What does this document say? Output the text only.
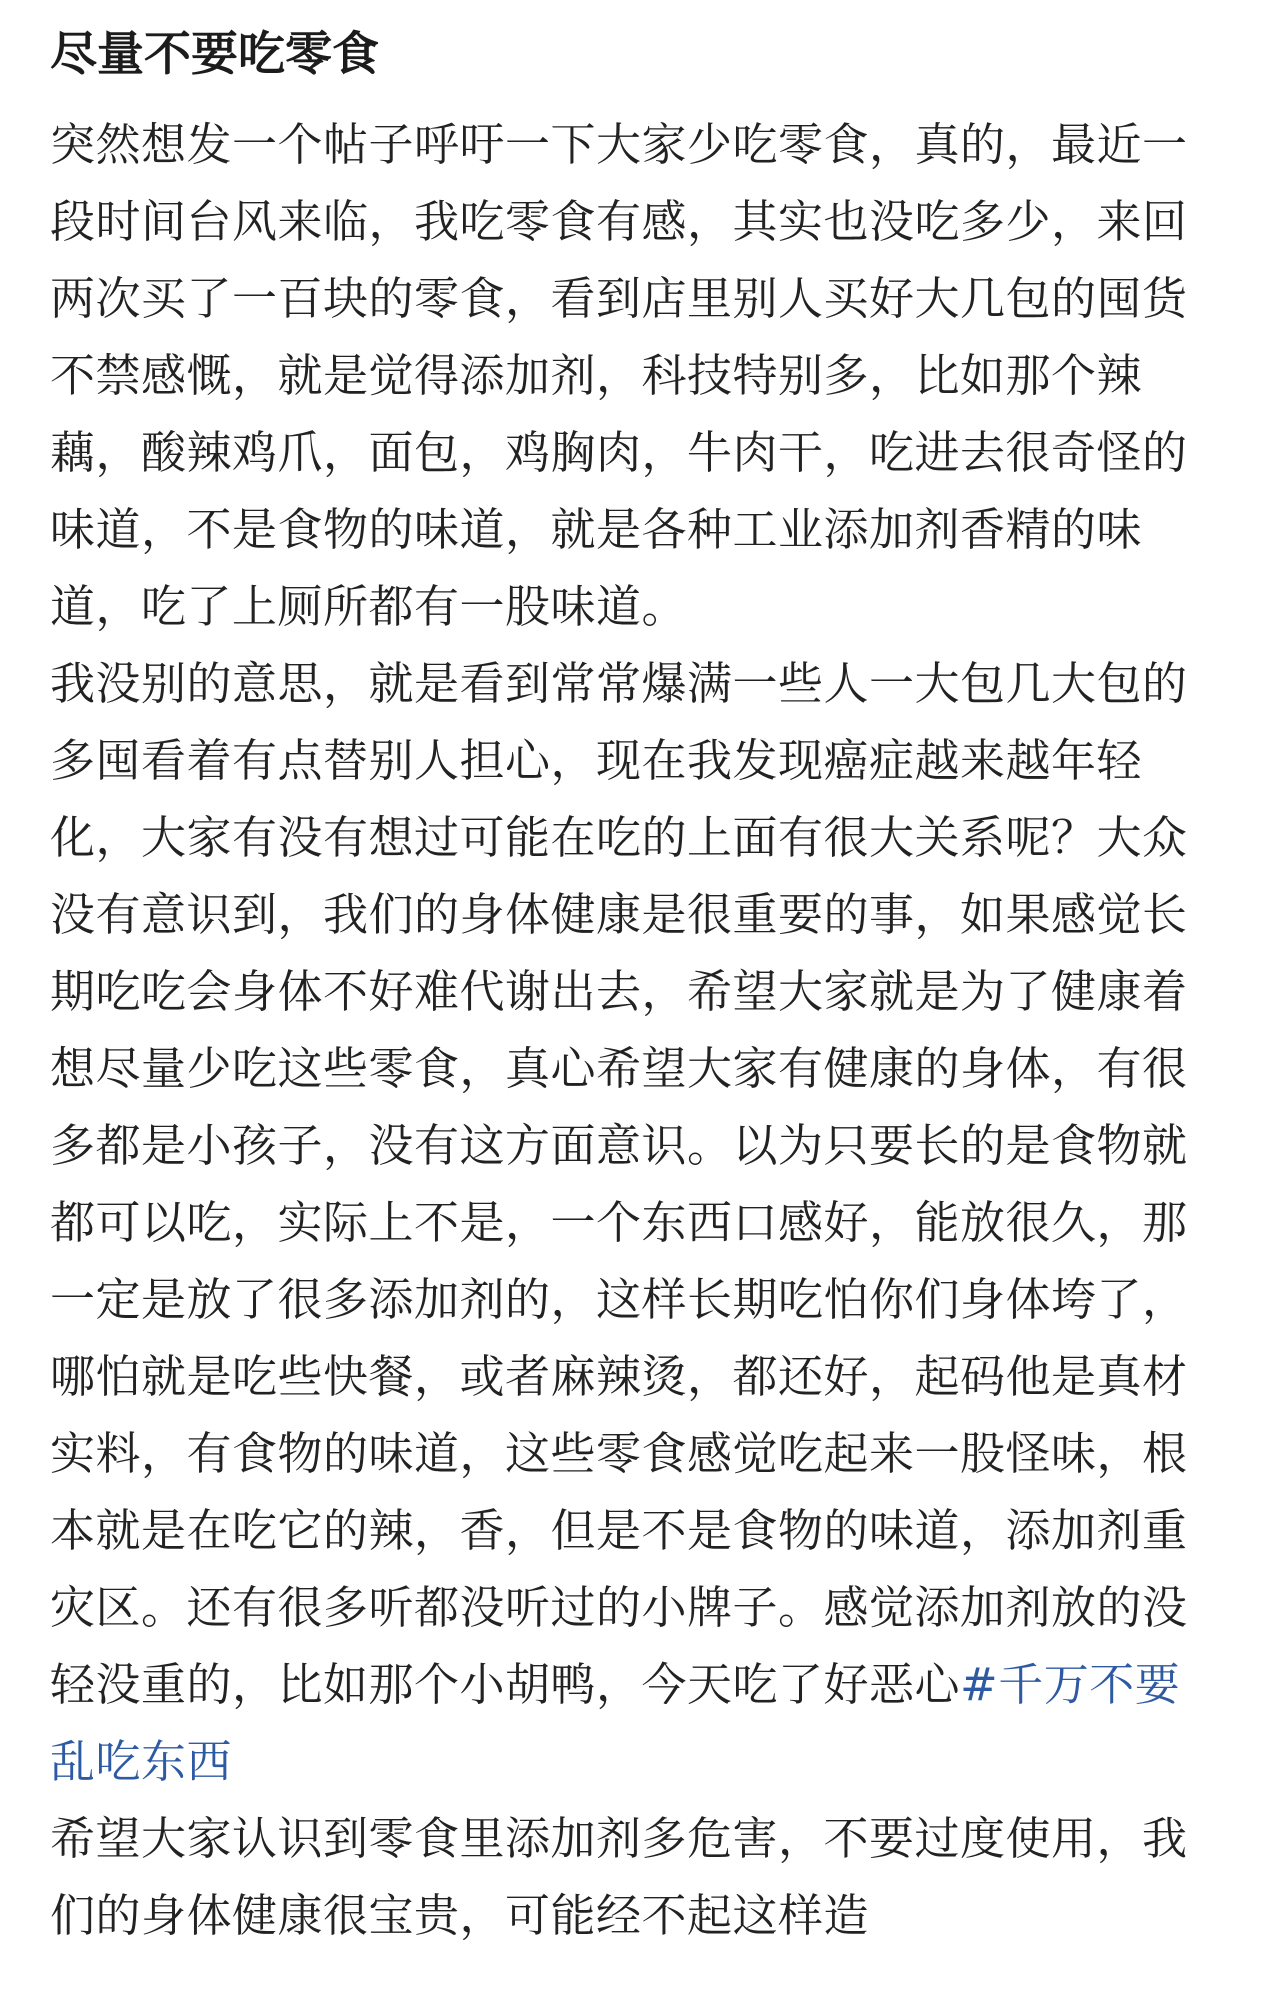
尽量不要吃零食

突然想发一个帖子呼吁一下大家少吃零食，真的，最近一
段时间台风来临，我吃零食有感，其实也没吃多少，来回
两次买了一百块的零食，看到店里别人买好大几包的囤货
不禁感慨，就是觉得添加剂，科技特别多，比如那个辣
藕，酸辣鸡爪，面包，鸡胸肉，牛肉干，吃进去很奇怪的
味道，不是食物的味道，就是各种工业添加剂香精的味
道，吃了上厕所都有一股味道。

我没别的意思，就是看到常常爆满一些人一大包几大包的
多囤看着有点替别人担心，现在我发现癌症越来越年轻
化，大家有没有想过可能在吃的上面有很大关系呢？大众
没有意识到，我们的身体健康是很重要的事，如果感觉长
期吃吃会身体不好难代谢出去，希望大家就是为了健康着
想尽量少吃这些零食，真心希望大家有健康的身体，有很
多都是小孩子，没有这方面意识。以为只要长的是食物就
都可以吃，实际上不是，一个东西口感好，能放很久，那
一定是放了很多添加剂的，这样长期吃怕你们身体垮了，
哪怕就是吃些快餐，或者麻辣烫，都还好，起码他是真材
实料，有食物的味道，这些零食感觉吃起来一股怪味，根
本就是在吃它的辣，香，但是不是食物的味道，添加剂重
灾区。还有很多听都没听过的小牌子。感觉添加剂放的没
轻没重的，比如那个小胡鸭，今天吃了好恶心#千万不要
乱吃东西

希望大家认识到零食里添加剂多危害，不要过度使用，我
们的身体健康很宝贵，可能经不起这样造
